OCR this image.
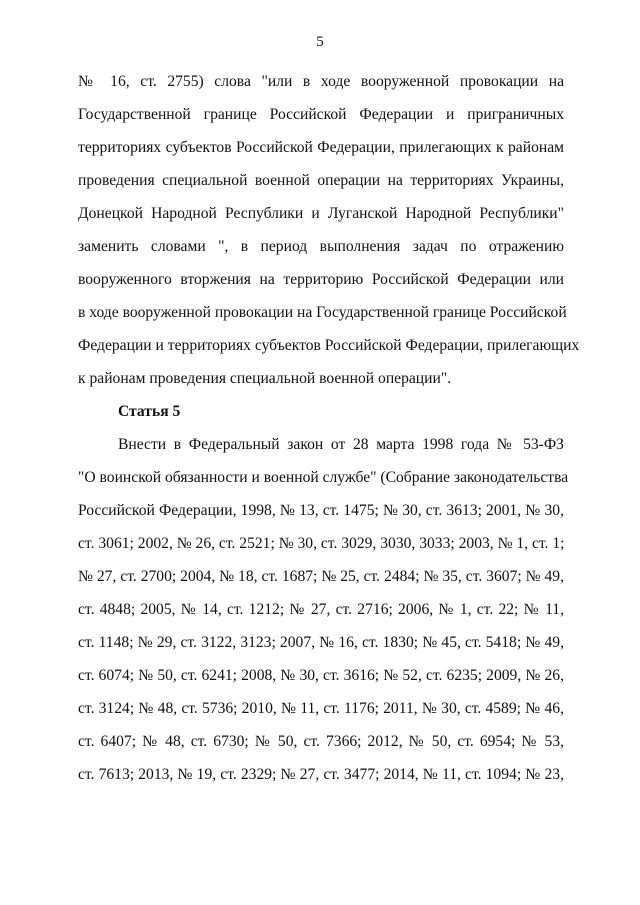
5
№ 16, ст. 2755) слова "или в ходе вооруженной провокации на
Государственной границе Российской Федерации и приграничных
территориях субъектов Российской Федерации, прилегающих к районам
проведения специальной военной операции на территориях Украины,
Донецкой Народной Республики и Луганской Народной Республики"
заменить словами ", в период выполнения задач по отражению
вооруженного вторжения на территорию Российской Федерации или
в ходе вооруженной провокации на Государственной границе Российской
Федерации и территориях субъектов Российской Федерации, прилегающих
к районам проведения специальной военной операции".
Статья 5
Внести в Федеральный закон от 28 марта 1998 года № 53-ФЗ
"О воинской обязанности и военной службе" (Собрание законодательства
Российской Федерации, 1998, № 13, ст. 1475; № 30, ст. 3613; 2001, № 30,
ст. 3061; 2002, № 26, ст. 2521; № 30, ст. 3029, 3030, 3033; 2003, № 1, ст. 1;
№ 27, ст. 2700; 2004, № 18, ст. 1687; № 25, ст. 2484; № 35, ст. 3607; № 49,
ст. 4848; 2005, № 14, ст. 1212; № 27, ст. 2716; 2006, № 1, ст. 22; № 11,
ст. 1148; № 29, ст. 3122, 3123; 2007, № 16, ст. 1830; № 45, ст. 5418; № 49,
ст. 6074; № 50, ст. 6241; 2008, № 30, ст. 3616; № 52, ст. 6235; 2009, № 26,
ст. 3124; № 48, ст. 5736; 2010, № 11, ст. 1176; 2011, № 30, ст. 4589; № 46,
ст. 6407; № 48, ст. 6730; № 50, ст. 7366; 2012, № 50, ст. 6954; № 53,
ст. 7613; 2013, № 19, ст. 2329; № 27, ст. 3477; 2014, № 11, ст. 1094; № 23,
